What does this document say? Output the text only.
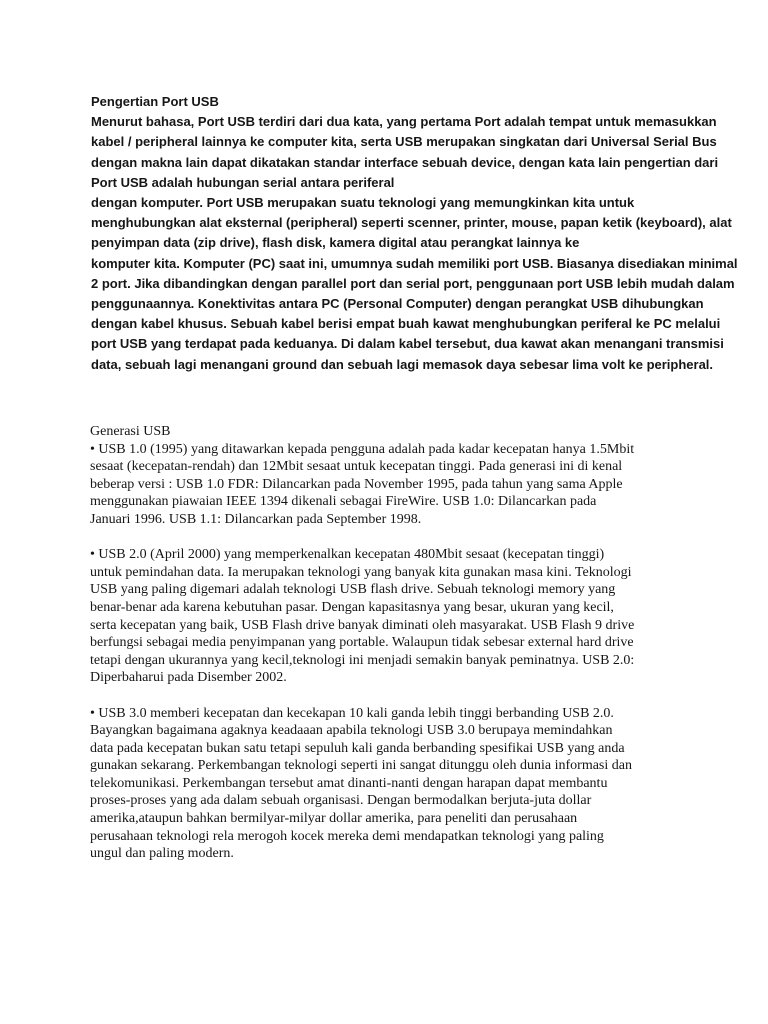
Pengertian Port USB
Menurut bahasa, Port USB terdiri dari dua kata, yang pertama Port adalah tempat untuk memasukkan
kabel / peripheral lainnya ke computer kita, serta USB merupakan singkatan dari Universal Serial Bus
dengan makna lain dapat dikatakan standar interface sebuah device, dengan kata lain pengertian dari
Port USB adalah hubungan serial antara periferal
dengan komputer. Port USB merupakan suatu teknologi yang memungkinkan kita untuk
menghubungkan alat eksternal (peripheral) seperti scenner, printer, mouse, papan ketik (keyboard), alat
penyimpan data (zip drive), flash disk, kamera digital atau perangkat lainnya ke
komputer kita. Komputer (PC) saat ini, umumnya sudah memiliki port USB. Biasanya disediakan minimal
2 port. Jika dibandingkan dengan parallel port dan serial port, penggunaan port USB lebih mudah dalam
penggunaannya. Konektivitas antara PC (Personal Computer) dengan perangkat USB dihubungkan
dengan kabel khusus. Sebuah kabel berisi empat buah kawat menghubungkan periferal ke PC melalui
port USB yang terdapat pada keduanya. Di dalam kabel tersebut, dua kawat akan menangani transmisi
data, sebuah lagi menangani ground dan sebuah lagi memasok daya sebesar lima volt ke peripheral.
Generasi USB
• USB 1.0 (1995) yang ditawarkan kepada pengguna adalah pada kadar kecepatan hanya 1.5Mbit
sesaat (kecepatan-rendah) dan 12Mbit sesaat untuk kecepatan tinggi. Pada generasi ini di kenal
beberap versi : USB 1.0 FDR: Dilancarkan pada November 1995, pada tahun yang sama Apple
menggunakan piawaian IEEE 1394 dikenali sebagai FireWire. USB 1.0: Dilancarkan pada
Januari 1996. USB 1.1: Dilancarkan pada September 1998.
• USB 2.0 (April 2000) yang memperkenalkan kecepatan 480Mbit sesaat (kecepatan tinggi)
untuk pemindahan data. Ia merupakan teknologi yang banyak kita gunakan masa kini. Teknologi
USB yang paling digemari adalah teknologi USB flash drive. Sebuah teknologi memory yang
benar-benar ada karena kebutuhan pasar. Dengan kapasitasnya yang besar, ukuran yang kecil,
serta kecepatan yang baik, USB Flash drive banyak diminati oleh masyarakat. USB Flash 9 drive
berfungsi sebagai media penyimpanan yang portable. Walaupun tidak sebesar external hard drive
tetapi dengan ukurannya yang kecil,teknologi ini menjadi semakin banyak peminatnya. USB 2.0:
Diperbaharui pada Disember 2002.
• USB 3.0 memberi kecepatan dan kecekapan 10 kali ganda lebih tinggi berbanding USB 2.0.
Bayangkan bagaimana agaknya keadaaan apabila teknologi USB 3.0 berupaya memindahkan
data pada kecepatan bukan satu tetapi sepuluh kali ganda berbanding spesifikai USB yang anda
gunakan sekarang. Perkembangan teknologi seperti ini sangat ditunggu oleh dunia informasi dan
telekomunikasi. Perkembangan tersebut amat dinanti-nanti dengan harapan dapat membantu
proses-proses yang ada dalam sebuah organisasi. Dengan bermodalkan berjuta-juta dollar
amerika,ataupun bahkan bermilyar-milyar dollar amerika, para peneliti dan perusahaan
perusahaan teknologi rela merogoh kocek mereka demi mendapatkan teknologi yang paling
ungul dan paling modern.
